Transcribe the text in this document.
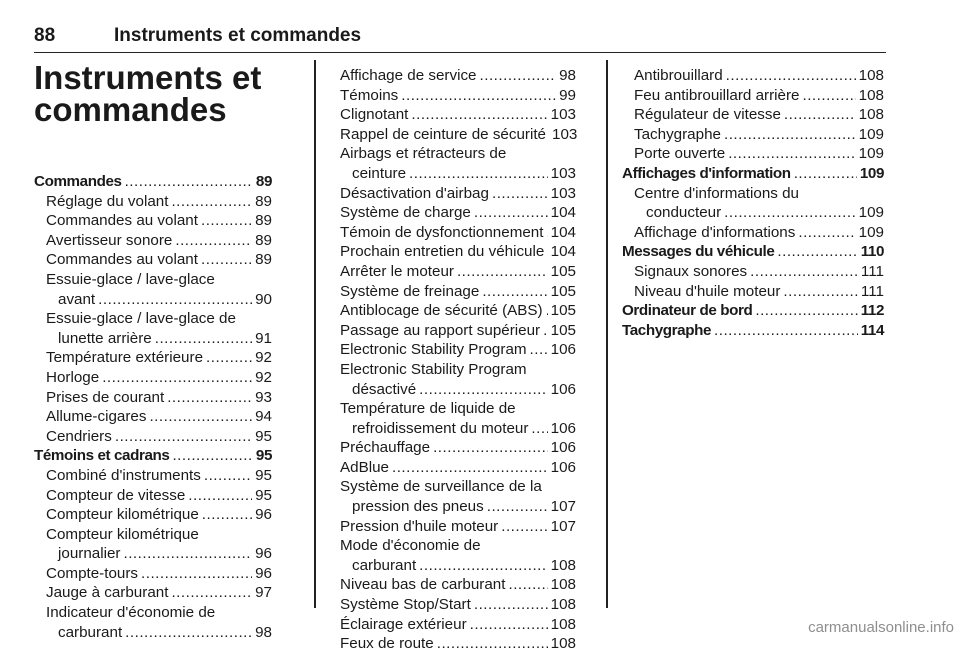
88	Instruments et commandes
Instruments et
commandes
Commandes .....	89
Réglage du volant .....	89
Commandes au volant .....	89
Avertisseur sonore .....	89
Commandes au volant .....	89
Essuie-glace / lave-glace
avant .....	90
Essuie-glace / lave-glace de
lunette arrière .....	91
Température extérieure .....	92
Horloge .....	92
Prises de courant .....	93
Allume-cigares .....	94
Cendriers .....	95
Témoins et cadrans .....	95
Combiné d'instruments .....	95
Compteur de vitesse .....	95
Compteur kilométrique .....	96
Compteur kilométrique
journalier .....	96
Compte-tours .....	96
Jauge à carburant .....	97
Indicateur d'économie de
carburant .....	98
Affichage de service .....	98
Témoins .....	99
Clignotant .....	103
Rappel de ceinture de sécurité 103
Airbags et rétracteurs de
ceinture .....	103
Désactivation d'airbag .....	103
Système de charge .....	104
Témoin de dysfonctionnement ..... 104
Prochain entretien du véhicule ..... 104
Arrêter le moteur .....	105
Système de freinage .....	105
Antiblocage de sécurité (ABS) ..... 105
Passage au rapport supérieur ..... 105
Electronic Stability Program ..... 106
Electronic Stability Program
désactivé .....	106
Température de liquide de
refroidissement du moteur ..... 106
Préchauffage .....	106
AdBlue .....	106
Système de surveillance de la
pression des pneus .....	107
Pression d'huile moteur .....	107
Mode d'économie de
carburant .....	108
Niveau bas de carburant .....	108
Système Stop/Start .....	108
Éclairage extérieur .....	108
Feux de route .....	108
Antibrouillard .....	108
Feu antibrouillard arrière .....	108
Régulateur de vitesse .....	108
Tachygraphe .....	109
Porte ouverte .....	109
Affichages d'information .....	109
Centre d'informations du
conducteur .....	109
Affichage d'informations .....	109
Messages du véhicule .....	110
Signaux sonores .....	111
Niveau d'huile moteur .....	111
Ordinateur de bord .....	112
Tachygraphe .....	114
carmanualsonline.info
